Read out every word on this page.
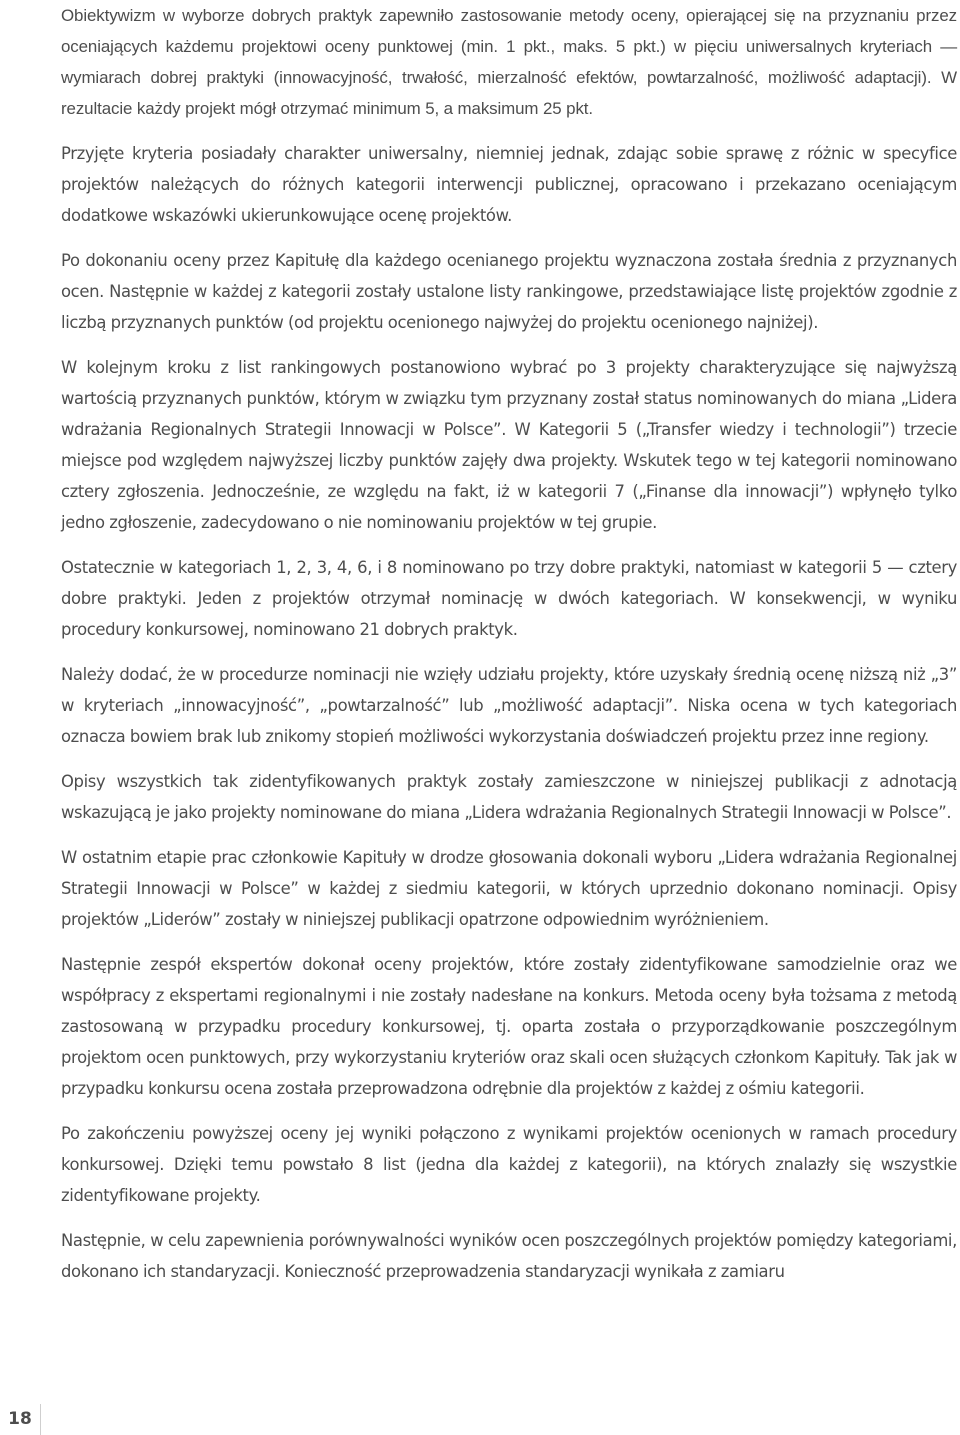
Obiektywizm w wyborze dobrych praktyk zapewniło zastosowanie metody oceny, opierającej się na przyznaniu przez oceniających każdemu projektowi oceny punktowej (min. 1 pkt., maks. 5 pkt.) w pięciu uniwersalnych kryteriach — wymiarach dobrej praktyki (innowacyjność, trwałość, mierzalność efektów, powtarzalność, możliwość adaptacji). W rezultacie każdy projekt mógł otrzymać minimum 5, a maksimum 25 pkt.

Przyjęte kryteria posiadały charakter uniwersalny, niemniej jednak, zdając sobie sprawę z różnic w specyfice projektów należących do różnych kategorii interwencji publicznej, opracowano i przekazano oceniającym dodatkowe wskazówki ukierunkowujące ocenę projektów.

Po dokonaniu oceny przez Kapitułę dla każdego ocenianego projektu wyznaczona została średnia z przyznanych ocen. Następnie w każdej z kategorii zostały ustalone listy rankingowe, przedstawiające listę projektów zgodnie z liczbą przyznanych punktów (od projektu ocenionego najwyżej do projektu ocenionego najniżej).

W kolejnym kroku z list rankingowych postanowiono wybrać po 3 projekty charakteryzujące się najwyższą wartością przyznanych punktów, którym w związku tym przyznany został status nominowanych do miana „Lidera wdrażania Regionalnych Strategii Innowacji w Polsce”. W Kategorii 5 („Transfer wiedzy i technologii”) trzecie miejsce pod względem najwyższej liczby punktów zajęły dwa projekty. Wskutek tego w tej kategorii nominowano cztery zgłoszenia. Jednocześnie, ze względu na fakt, iż w kategorii 7 („Finanse dla innowacji”) wpłynęło tylko jedno zgłoszenie, zadecydowano o nie nominowaniu projektów w tej grupie.

Ostatecznie w kategoriach 1, 2, 3, 4, 6, i 8 nominowano po trzy dobre praktyki, natomiast w kategorii 5 — cztery dobre praktyki. Jeden z projektów otrzymał nominację w dwóch kategoriach. W konsekwencji, w wyniku procedury konkursowej, nominowano 21 dobrych praktyk.

Należy dodać, że w procedurze nominacji nie wzięły udziału projekty, które uzyskały średnią ocenę niższą niż „3” w kryteriach „innowacyjność”, „powtarzalność” lub „możliwość adaptacji”. Niska ocena w tych kategoriach oznacza bowiem brak lub znikomy stopień możliwości wykorzystania doświadczeń projektu przez inne regiony.

Opisy wszystkich tak zidentyfikowanych praktyk zostały zamieszczone w niniejszej publikacji z adnotacją wskazującą je jako projekty nominowane do miana „Lidera wdrażania Regionalnych Strategii Innowacji w Polsce”.

W ostatnim etapie prac członkowie Kapituły w drodze głosowania dokonali wyboru „Lidera wdrażania Regionalnej Strategii Innowacji w Polsce” w każdej z siedmiu kategorii, w których uprzednio dokonano nominacji. Opisy projektów „Liderów” zostały w niniejszej publikacji opatrzone odpowiednim wyróżnieniem.

Następnie zespół ekspertów dokonał oceny projektów, które zostały zidentyfikowane samodzielnie oraz we współpracy z ekspertami regionalnymi i nie zostały nadesłane na konkurs. Metoda oceny była tożsama z metodą zastosowaną w przypadku procedury konkursowej, tj. oparta została o przyporządkowanie poszczególnym projektom ocen punktowych, przy wykorzystaniu kryteriów oraz skali ocen służących członkom Kapituły. Tak jak w przypadku konkursu ocena została przeprowadzona odrębnie dla projektów z każdej z ośmiu kategorii.

Po zakończeniu powyższej oceny jej wyniki połączono z wynikami projektów ocenionych w ramach procedury konkursowej. Dzięki temu powstało 8 list (jedna dla każdej z kategorii), na których znalazły się wszystkie zidentyfikowane projekty.

Następnie, w celu zapewnienia porównywalności wyników ocen poszczególnych projektów pomiędzy kategoriami, dokonano ich standaryzacji. Konieczność przeprowadzenia standaryzacji wynikała z zamiaru

18
